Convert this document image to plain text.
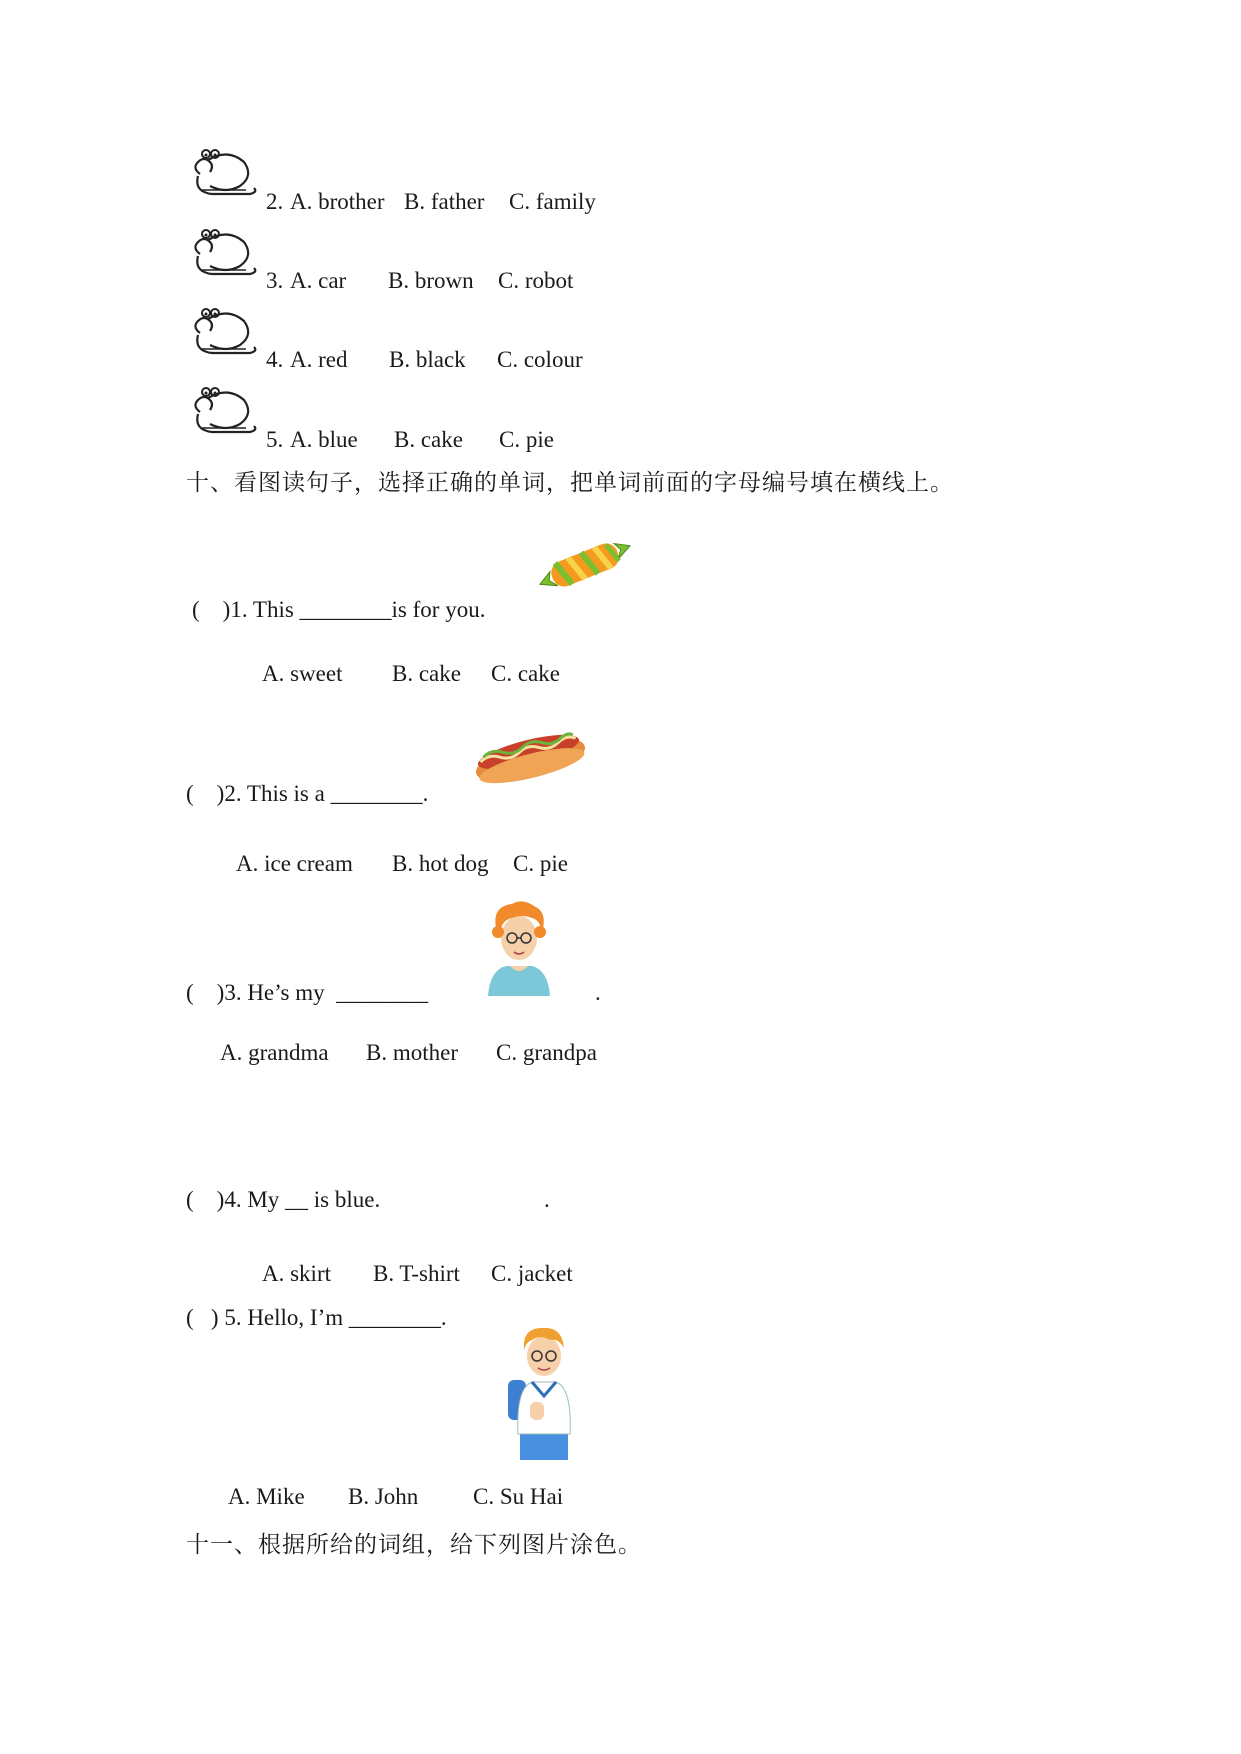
2. A. brother B. father C. family
3. A. car B. brown C. robot
4. A. red B. black C. colour
5. A. blue B. cake C. pie
十、看图读句子，选择正确的单词，把单词前面的字母编号填在横线上。
(    )1. This ________is for you.
A. sweet B. cake C. cake
(    )2. This is a ________.
A. ice cream B. hot dog C. pie
(    )3. He’s my  ________	.
A. grandma B. mother C. grandpa
(    )4. My __ is blue.	.
A. skirt B. T-shirt C. jacket
(   ) 5. Hello, I’m ________.
A. Mike B. John C. Su Hai
十一、根据所给的词组，给下列图片涂色。
